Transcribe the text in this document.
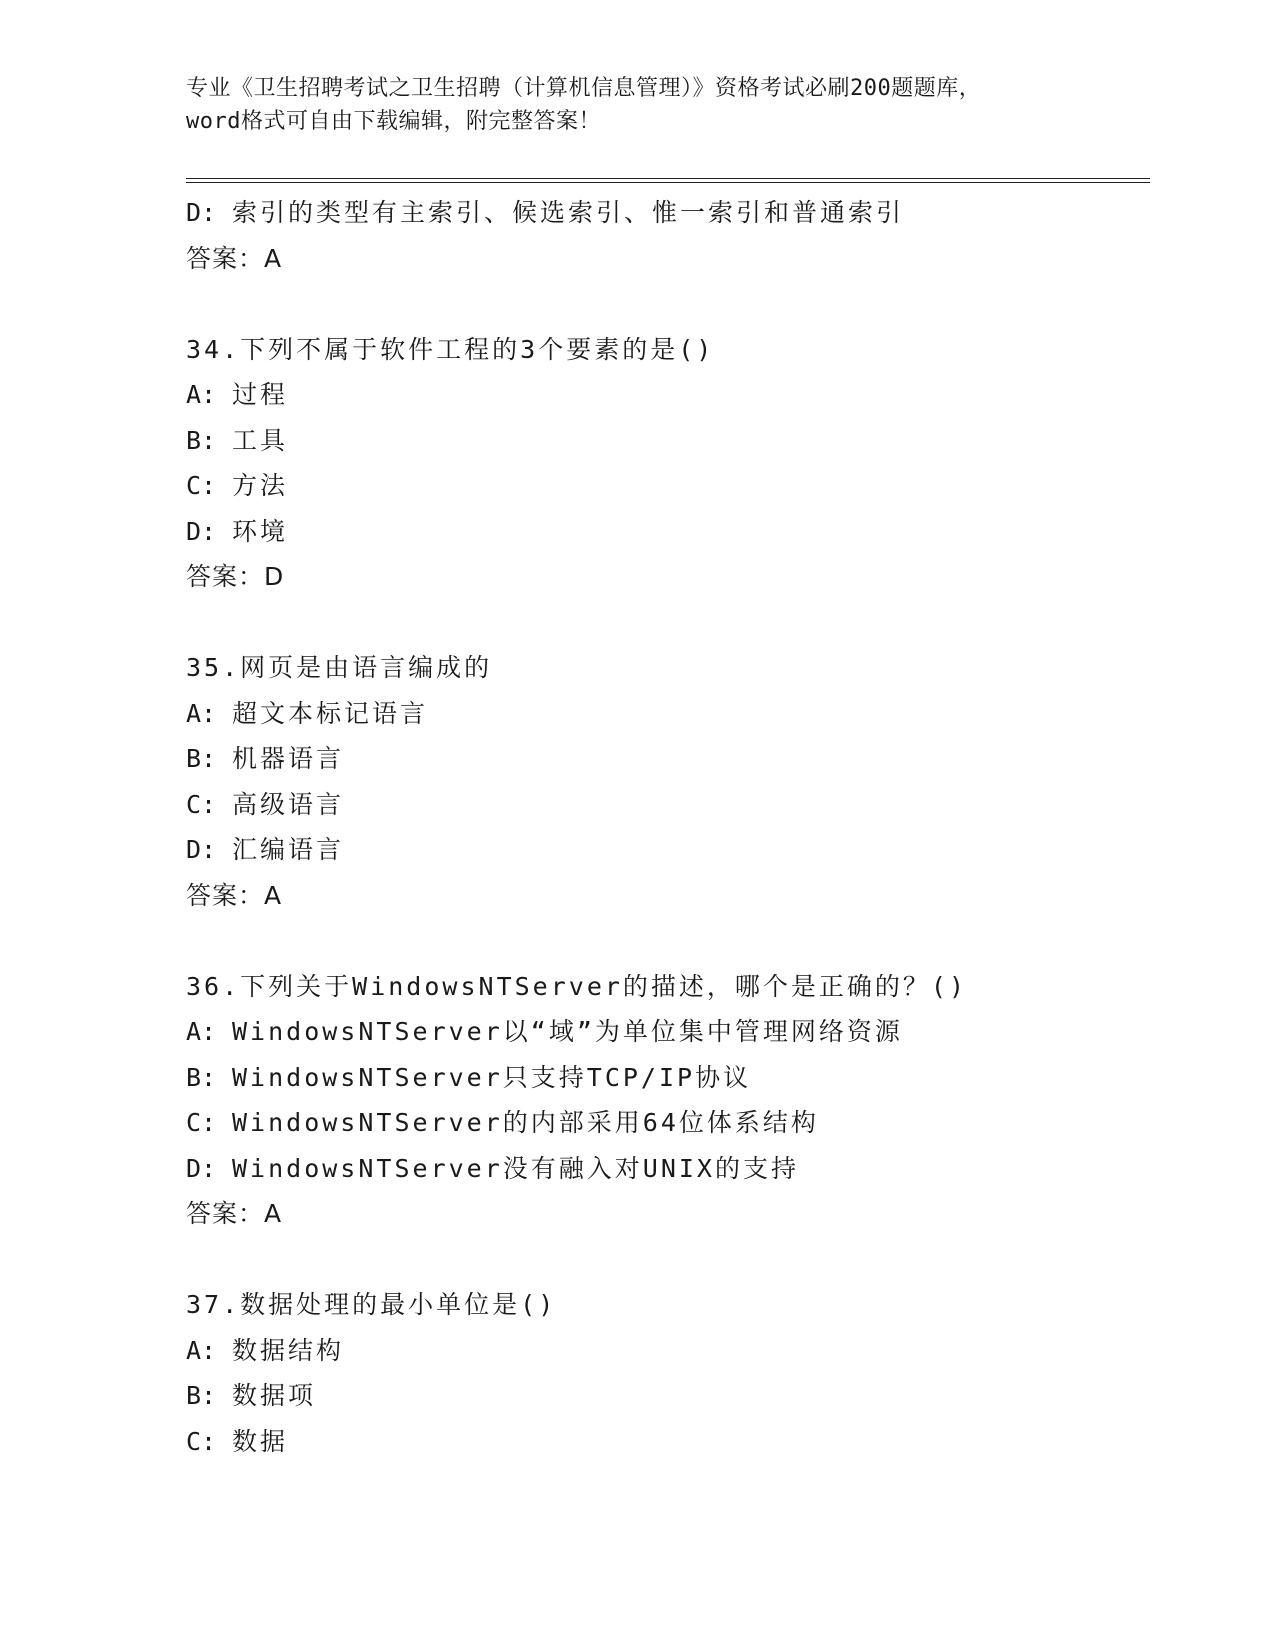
专业《卫生招聘考试之卫生招聘（计算机信息管理）》资格考试必刷200题题库，
word格式可自由下载编辑，附完整答案！
D: 索引的类型有主索引、候选索引、惟一索引和普通索引
答案：A
34.下列不属于软件工程的3个要素的是()
A: 过程
B: 工具
C: 方法
D: 环境
答案：D
35.网页是由语言编成的
A: 超文本标记语言
B: 机器语言
C: 高级语言
D: 汇编语言
答案：A
36.下列关于WindowsNTServer的描述，哪个是正确的？()
A: WindowsNTServer以“域”为单位集中管理网络资源
B: WindowsNTServer只支持TCP/IP协议
C: WindowsNTServer的内部采用64位体系结构
D: WindowsNTServer没有融入对UNIX的支持
答案：A
37.数据处理的最小单位是()
A: 数据结构
B: 数据项
C: 数据
